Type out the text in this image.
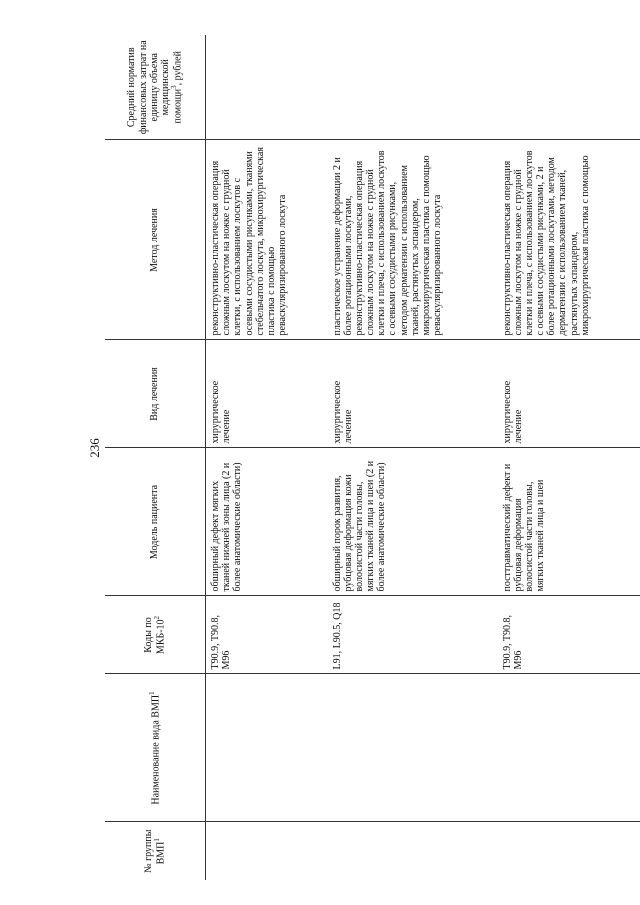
236
№ группы ВМП$^1$	Наименование вида ВМП$^1$	Коды по МКБ-$10^2$	Модель пациента	Вид лечения	Метод лечения	Средний норматив финансовых затрат на единицу объема медицинской помощи$^3$, рублей
		T90.9, T90.8, M96	обширный дефект мягких тканей нижней зоны лица (2 и более анатомические области)	хирургическое лечение	реконструктивно-пластическая операция сложным лоскутом на ножке с грудной клетки, с использованием лоскутов с осевыми сосудистыми рисунками, тканями стебельчатого лоскута, микрохирургическая пластика с помощью реваскуляризированного лоскута	
		L91, L90.5, Q18	обширный порок развития, рубцовая деформация кожи волосистой части головы, мягких тканей лица и шеи (2 и более анатомические области)	хирургическое лечение	пластическое устранение деформации 2 и более ротационными лоскутами, реконструктивно-пластическая операция сложным лоскутом на ножке с грудной клетки и плеча, с использованием лоскутов с осевыми сосудистыми рисунками, методом дерматензии с использованием тканей, растянутых эспандером, микрохирургическая пластика с помощью реваскуляризированного лоскута	
		T90.9, T90.8, M96	посттравматический дефект и рубцовая деформация волосистой части головы, мягких тканей лица и шеи	хирургическое лечение	реконструктивно-пластическая операция сложным лоскутом на ножке с грудной клетки и плеча, с использованием лоскутов с осевыми сосудистыми рисунками, 2 и более ротационными лоскутами, методом дерматензии с использованием тканей, растянутых эспандером, микрохирургическая пластика с помощью	
